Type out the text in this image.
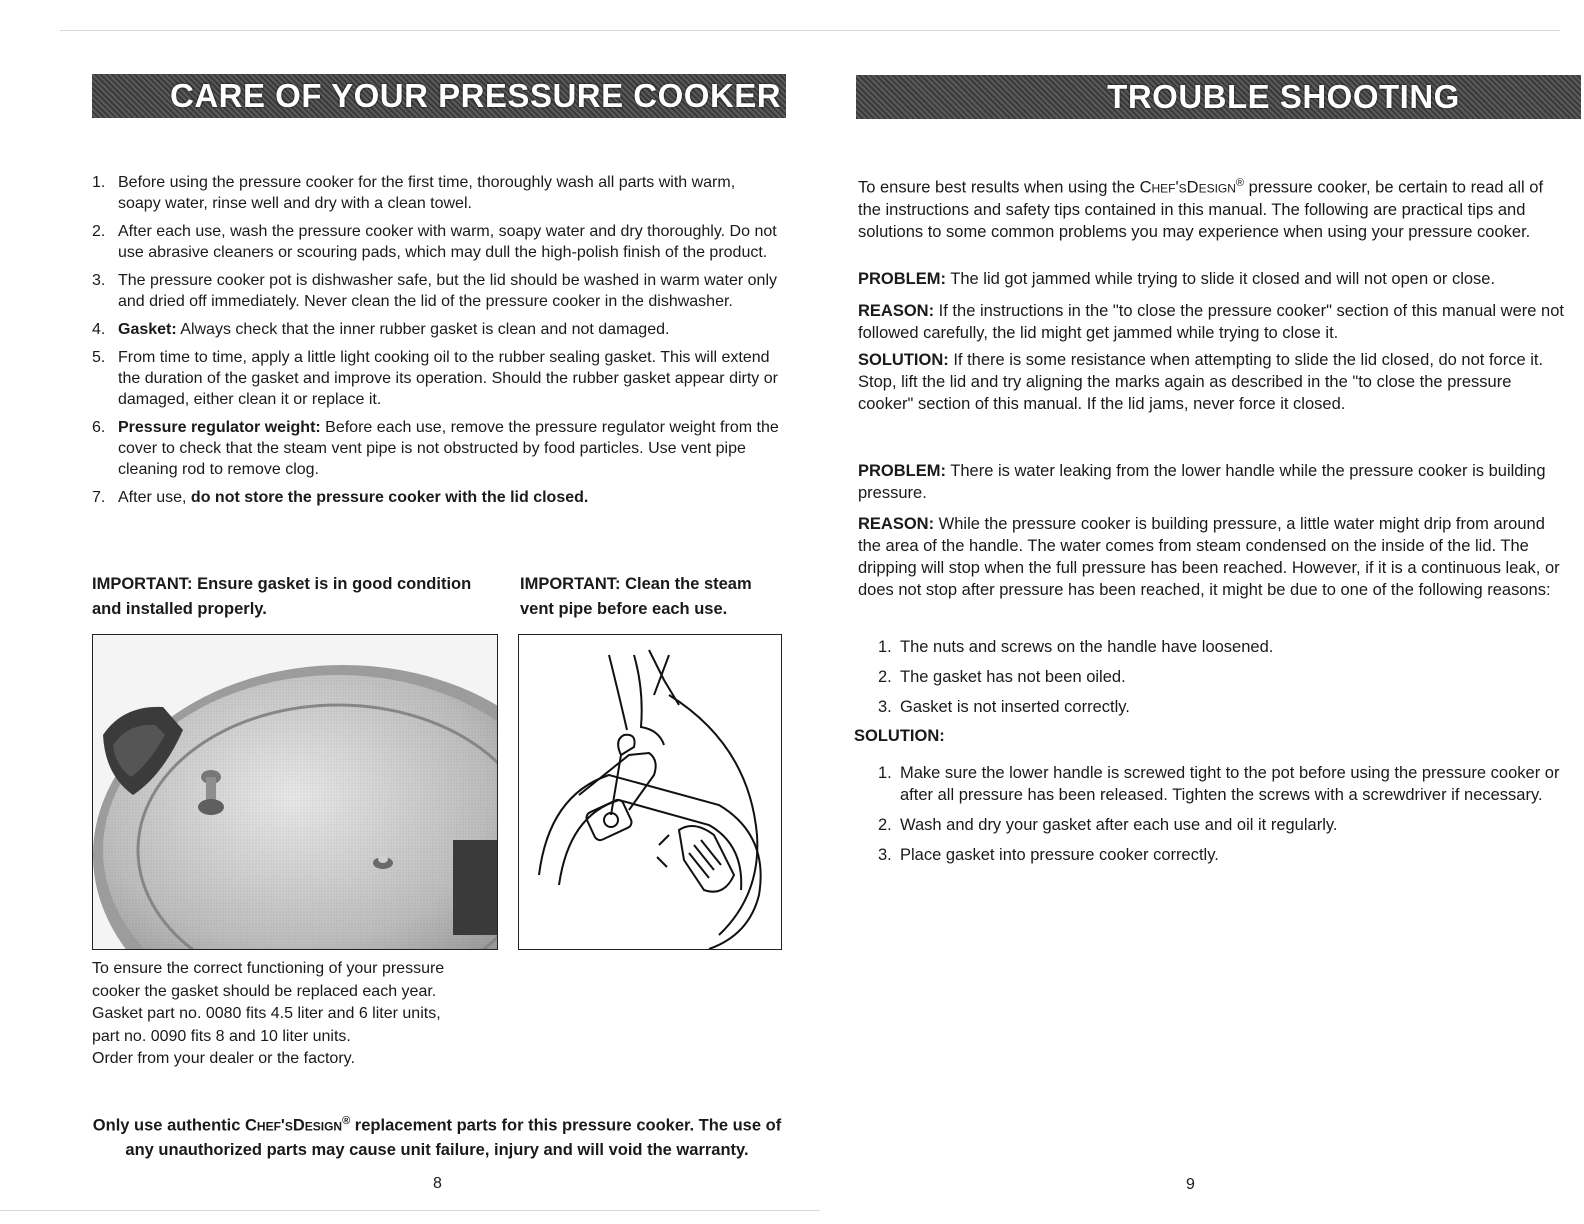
CARE OF YOUR PRESSURE COOKER
1. Before using the pressure cooker for the first time, thoroughly wash all parts with warm, soapy water, rinse well and dry with a clean towel.
2. After each use, wash the pressure cooker with warm, soapy water and dry thoroughly. Do not use abrasive cleaners or scouring pads, which may dull the high-polish finish of the product.
3. The pressure cooker pot is dishwasher safe, but the lid should be washed in warm water only and dried off immediately. Never clean the lid of the pressure cooker in the dishwasher.
4. Gasket: Always check that the inner rubber gasket is clean and not damaged.
5. From time to time, apply a little light cooking oil to the rubber sealing gasket. This will extend the duration of the gasket and improve its operation. Should the rubber gasket appear dirty or damaged, either clean it or replace it.
6. Pressure regulator weight: Before each use, remove the pressure regulator weight from the cover to check that the steam vent pipe is not obstructed by food particles. Use vent pipe cleaning rod to remove clog.
7. After use, do not store the pressure cooker with the lid closed.
IMPORTANT: Ensure gasket is in good condition and installed properly.
IMPORTANT: Clean the steam vent pipe before each use.
To ensure the correct functioning of your pressure
cooker the gasket should be replaced each year.
Gasket part no. 0080 fits 4.5 liter and 6 liter units,
part no. 0090 fits 8 and 10 liter units.
Order from your dealer or the factory.
Only use authentic Chef'sDesign® replacement parts for this pressure cooker. The use of any unauthorized parts may cause unit failure, injury and will void the warranty.
8
TROUBLE SHOOTING
To ensure best results when using the Chef'sDesign® pressure cooker, be certain to read all of the instructions and safety tips contained in this manual. The following are practical tips and solutions to some common problems you may experience when using your pressure cooker.
PROBLEM: The lid got jammed while trying to slide it closed and will not open or close.
REASON: If the instructions in the "to close the pressure cooker" section of this manual were not followed carefully, the lid might get jammed while trying to close it.
SOLUTION: If there is some resistance when attempting to slide the lid closed, do not force it. Stop, lift the lid and try aligning the marks again as described in the "to close the pressure cooker" section of this manual. If the lid jams, never force it closed.
PROBLEM: There is water leaking from the lower handle while the pressure cooker is building pressure.
REASON: While the pressure cooker is building pressure, a little water might drip from around the area of the handle. The water comes from steam condensed on the inside of the lid. The dripping will stop when the full pressure has been reached. However, if it is a continuous leak, or does not stop after pressure has been reached, it might be due to one of the following reasons:
1. The nuts and screws on the handle have loosened.
2. The gasket has not been oiled.
3. Gasket is not inserted correctly.
SOLUTION:
1. Make sure the lower handle is screwed tight to the pot before using the pressure cooker or after all pressure has been released. Tighten the screws with a screwdriver if necessary.
2. Wash and dry your gasket after each use and oil it regularly.
3. Place gasket into pressure cooker correctly.
9
